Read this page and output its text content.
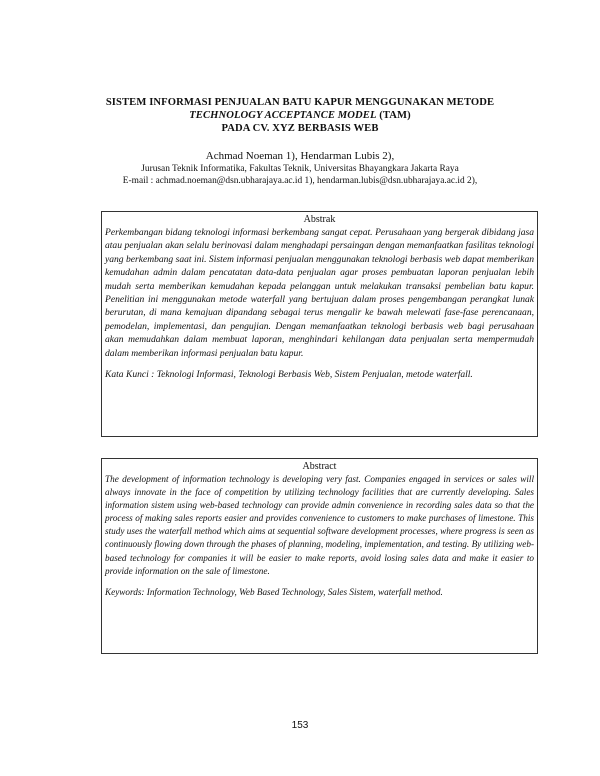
SISTEM INFORMASI PENJUALAN BATU KAPUR MENGGUNAKAN METODE
TECHNOLOGY ACCEPTANCE MODEL (TAM)
PADA CV. XYZ BERBASIS WEB
Achmad Noeman 1), Hendarman Lubis 2),
Jurusan Teknik Informatika, Fakultas Teknik, Universitas Bhayangkara Jakarta Raya
E-mail : achmad.noeman@dsn.ubharajaya.ac.id 1), hendarman.lubis@dsn.ubharajaya.ac.id 2),
Abstrak

Perkembangan bidang teknologi informasi berkembang sangat cepat. Perusahaan yang bergerak dibidang jasa atau penjualan akan selalu berinovasi dalam menghadapi persaingan dengan memanfaatkan fasilitas teknologi yang berkembang saat ini. Sistem informasi penjualan menggunakan teknologi berbasis web dapat memberikan kemudahan admin dalam pencatatan data-data penjualan agar proses pembuatan laporan penjualan lebih mudah serta memberikan kemudahan kepada pelanggan untuk melakukan transaksi pembelian batu kapur. Penelitian ini menggunakan metode waterfall yang bertujuan dalam proses pengembangan perangkat lunak berurutan, di mana kemajuan dipandang sebagai terus mengalir ke bawah melewati fase-fase perencanaan, pemodelan, implementasi, dan pengujian. Dengan memanfaatkan teknologi berbasis web bagi perusahaan akan memudahkan dalam membuat laporan, menghindari kehilangan data penjualan serta mempermudah dalam memberikan informasi penjualan batu kapur.

Kata Kunci : Teknologi Informasi, Teknologi Berbasis Web, Sistem Penjualan, metode waterfall.

Abstract

The development of information technology is developing very fast. Companies engaged in services or sales will always innovate in the face of competition by utilizing technology facilities that are currently developing. Sales information sistem using web-based technology can provide admin convenience in recording sales data so that the process of making sales reports easier and provides convenience to customers to make purchases of limestone. This study uses the waterfall method which aims at sequential software development processes, where progress is seen as continuously flowing down through the phases of planning, modeling, implementation, and testing. By utilizing web-based technology for companies it will be easier to make reports, avoid losing sales data and make it easier to provide information on the sale of limestone.

Keywords: Information Technology, Web Based Technology, Sales Sistem, waterfall method.

153
